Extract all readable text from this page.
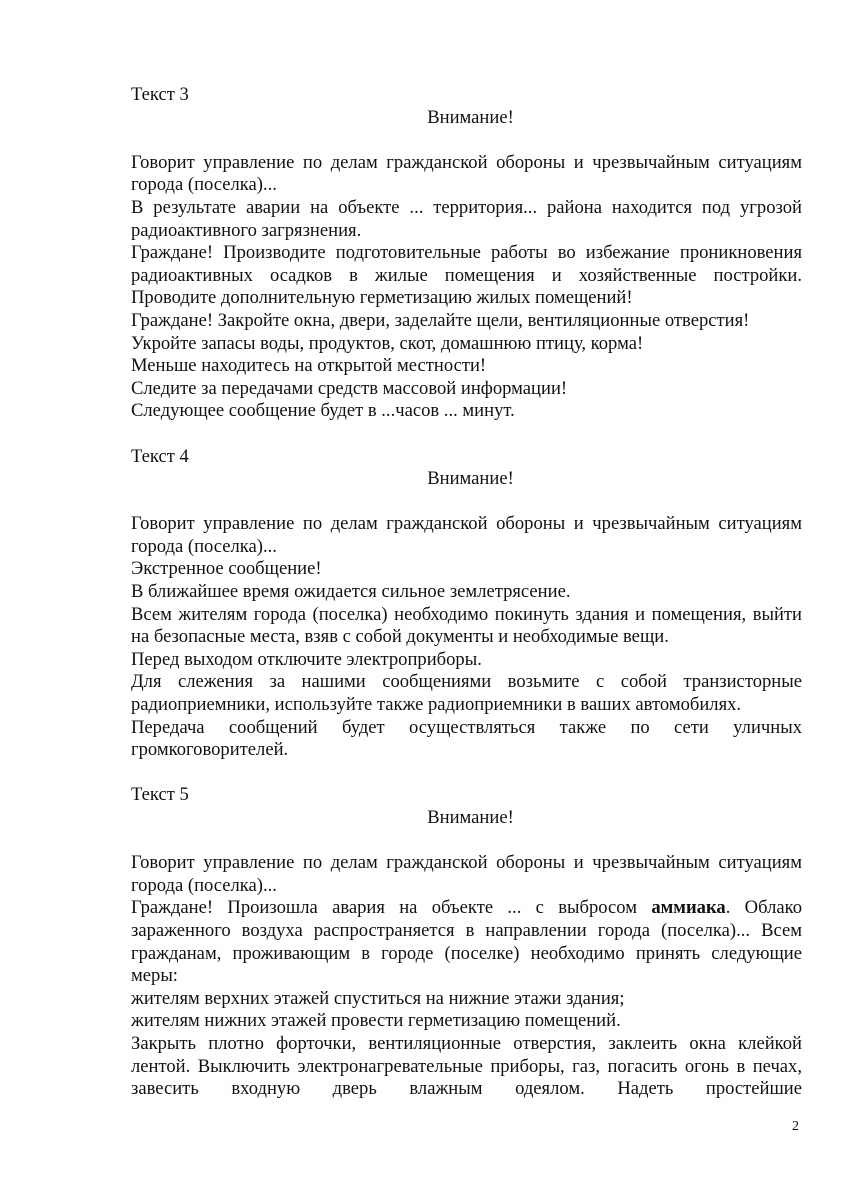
Текст 3

Внимание!

Говорит управление по делам гражданской обороны и чрезвычайным ситуациям города (поселка)...

В результате аварии на объекте ... территория... района находится под угрозой радиоактивного загрязнения.

Граждане! Производите подготовительные работы во избежание проникновения радиоактивных осадков в жилые помещения и хозяйственные постройки. Проводите дополнительную герметизацию жилых помещений!

Граждане! Закройте окна, двери, заделайте щели, вентиляционные отверстия!

Укройте запасы воды, продуктов, скот, домашнюю птицу, корма!

Меньше находитесь на открытой местности!

Следите за передачами средств массовой информации!

Следующее сообщение будет в ...часов ... минут.

Текст 4

Внимание!

Говорит управление по делам гражданской обороны и чрезвычайным ситуациям города (поселка)...

Экстренное сообщение!

В ближайшее время ожидается сильное землетрясение.

Всем жителям города (поселка) необходимо покинуть здания и помещения, выйти на безопасные места, взяв с собой документы и необходимые вещи.

Перед выходом отключите электроприборы.

Для слежения за нашими сообщениями возьмите с собой транзисторные радиоприемники, используйте также радиоприемники в ваших автомобилях.

Передача сообщений будет осуществляться также по сети уличных громкоговорителей.

Текст 5

Внимание!

Говорит управление по делам гражданской обороны и чрезвычайным ситуациям города (поселка)...

Граждане! Произошла авария на объекте ... с выбросом аммиака. Облако зараженного воздуха распространяется в направлении города (поселка)... Всем гражданам, проживающим в городе (поселке) необходимо принять следующие меры:

жителям верхних этажей спуститься на нижние этажи здания;

жителям нижних этажей провести герметизацию помещений.

Закрыть плотно форточки, вентиляционные отверстия, заклеить окна клейкой лентой. Выключить электронагревательные приборы, газ, погасить огонь в печах, завесить входную дверь влажным одеялом. Надеть простейшие

2
